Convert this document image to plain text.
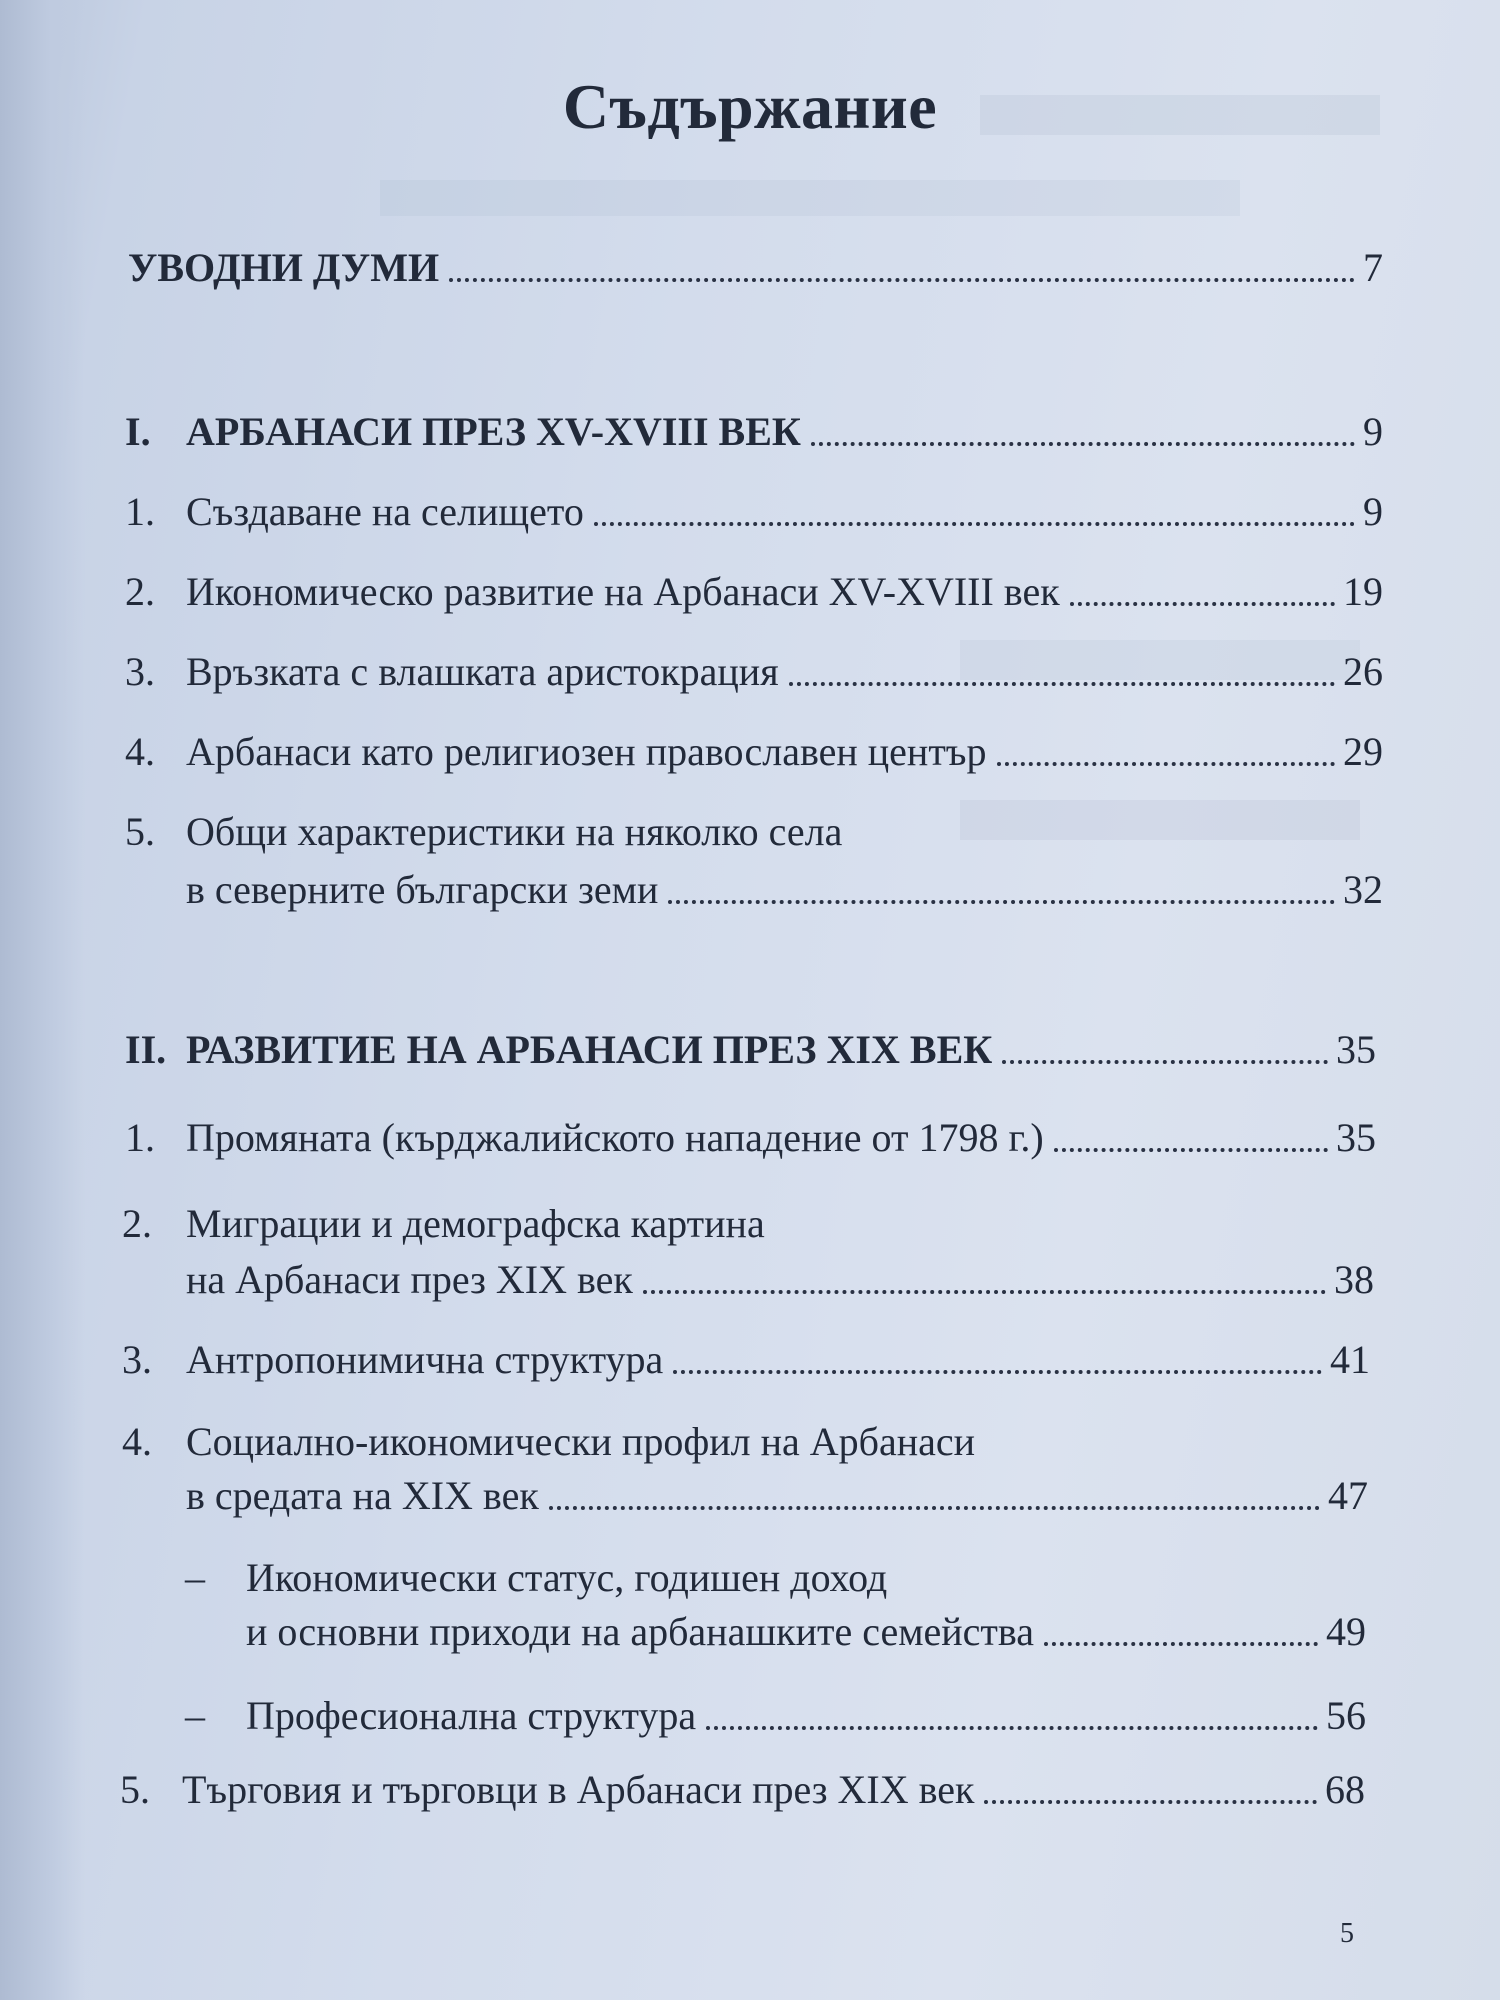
Съдържание
УВОДНИ ДУМИ	7
I. АРБАНАСИ ПРЕЗ XV-XVIII ВЕК	9
1. Създаване на селището	9
2. Икономическо развитие на Арбанаси XV-XVIII век	19
3. Връзката с влашката аристокрация	26
4. Арбанаси като религиозен православен център	29
5. Общи характеристики на няколко села
в северните български земи	32
II. РАЗВИТИЕ НА АРБАНАСИ ПРЕЗ XIX ВЕК	35
1. Промяната (кърджалийското нападение от 1798 г.)	35
2. Миграции и демографска картина
на Арбанаси през XIX век	38
3. Антропонимична структура	41
4. Социално-икономически профил на Арбанаси
в средата на XIX век	47
– Икономически статус, годишен доход
и основни приходи на арбанашките семейства	49
– Професионална структура	56
5. Търговия и търговци в Арбанаси през XIX век	68
5
